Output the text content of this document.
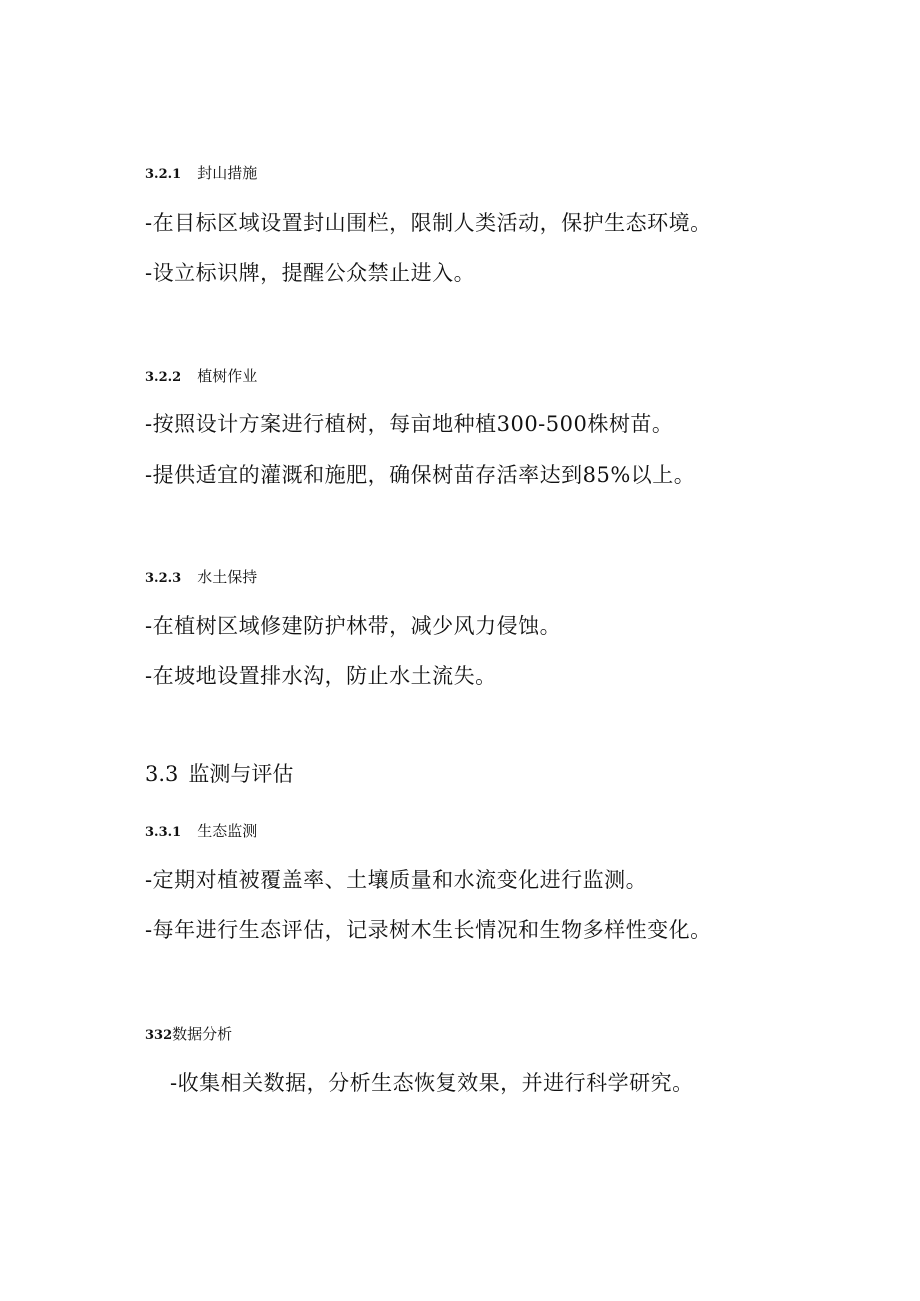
3.2.1 封山措施
-在目标区域设置封山围栏，限制人类活动，保护生态环境。
-设立标识牌，提醒公众禁止进入。
3.2.2 植树作业
-按照设计方案进行植树，每亩地种植300-500株树苗。
-提供适宜的灌溉和施肥，确保树苗存活率达到85%以上。
3.2.3 水土保持
-在植树区域修建防护林带，减少风力侵蚀。
-在坡地设置排水沟，防止水土流失。
3.3 监测与评估
3.3.1 生态监测
-定期对植被覆盖率、土壤质量和水流变化进行监测。
-每年进行生态评估，记录树木生长情况和生物多样性变化。
332数据分析
-收集相关数据，分析生态恢复效果，并进行科学研究。
